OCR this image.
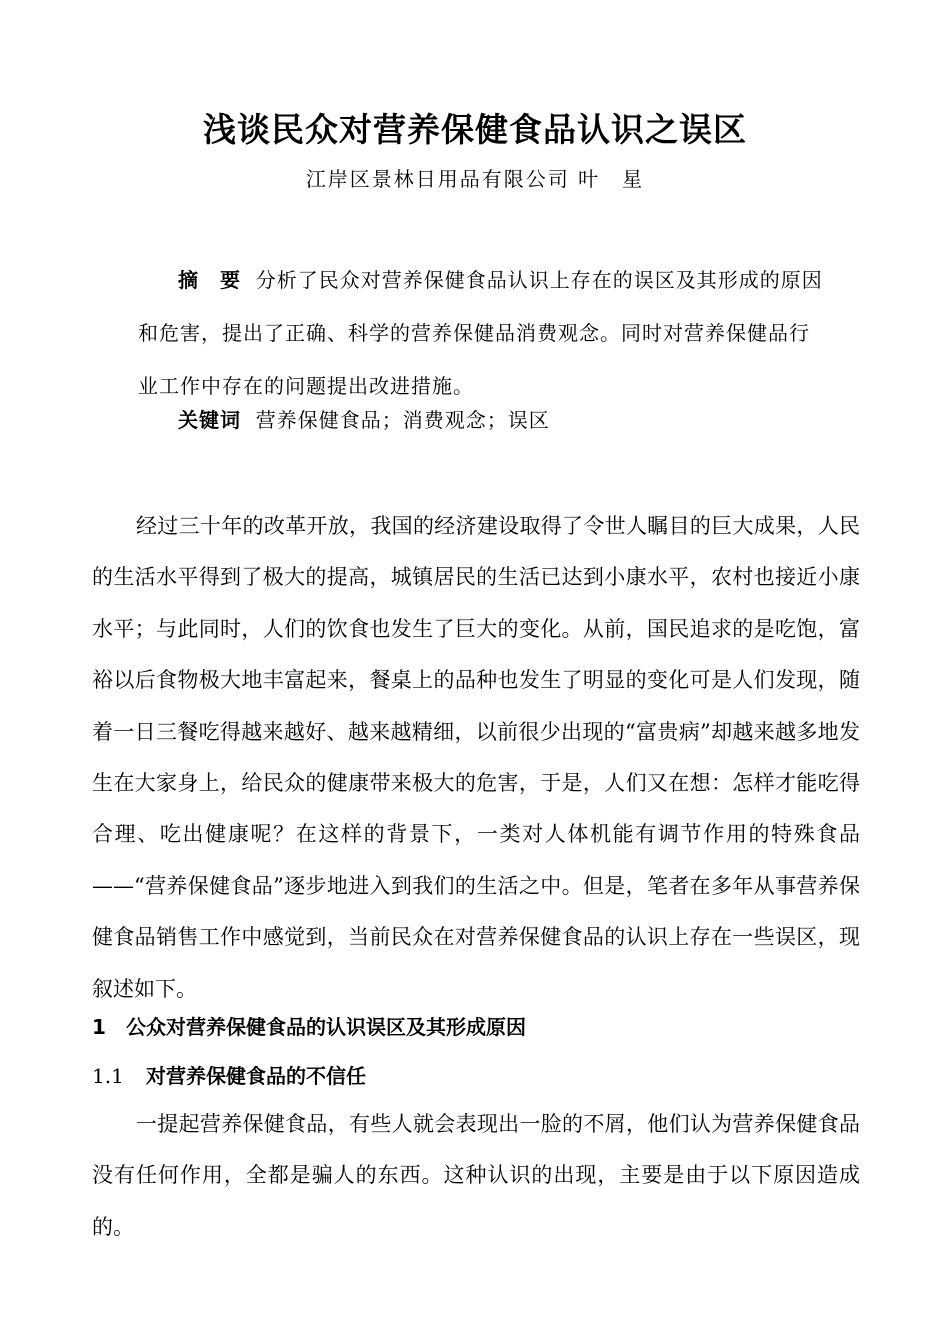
浅谈民众对营养保健食品认识之误区
江岸区景林日用品有限公司 叶　星
摘　要 分析了民众对营养保健食品认识上存在的误区及其形成的原因和危害，提出了正确、科学的营养保健品消费观念。同时对营养保健品行业工作中存在的问题提出改进措施。
关键词 营养保健食品；消费观念；误区
经过三十年的改革开放，我国的经济建设取得了令世人瞩目的巨大成果，人民的生活水平得到了极大的提高，城镇居民的生活已达到小康水平，农村也接近小康水平；与此同时，人们的饮食也发生了巨大的变化。从前，国民追求的是吃饱，富裕以后食物极大地丰富起来，餐桌上的品种也发生了明显的变化可是人们发现，随着一日三餐吃得越来越好、越来越精细，以前很少出现的“富贵病”却越来越多地发生在大家身上，给民众的健康带来极大的危害，于是，人们又在想：怎样才能吃得合理、吃出健康呢？在这样的背景下，一类对人体机能有调节作用的特殊食品——“营养保健食品”逐步地进入到我们的生活之中。但是，笔者在多年从事营养保健食品销售工作中感觉到，当前民众在对营养保健食品的认识上存在一些误区，现叙述如下。
1 公众对营养保健食品的认识误区及其形成原因
1.1 对营养保健食品的不信任
一提起营养保健食品，有些人就会表现出一脸的不屑，他们认为营养保健食品没有任何作用，全都是骗人的东西。这种认识的出现，主要是由于以下原因造成的。
